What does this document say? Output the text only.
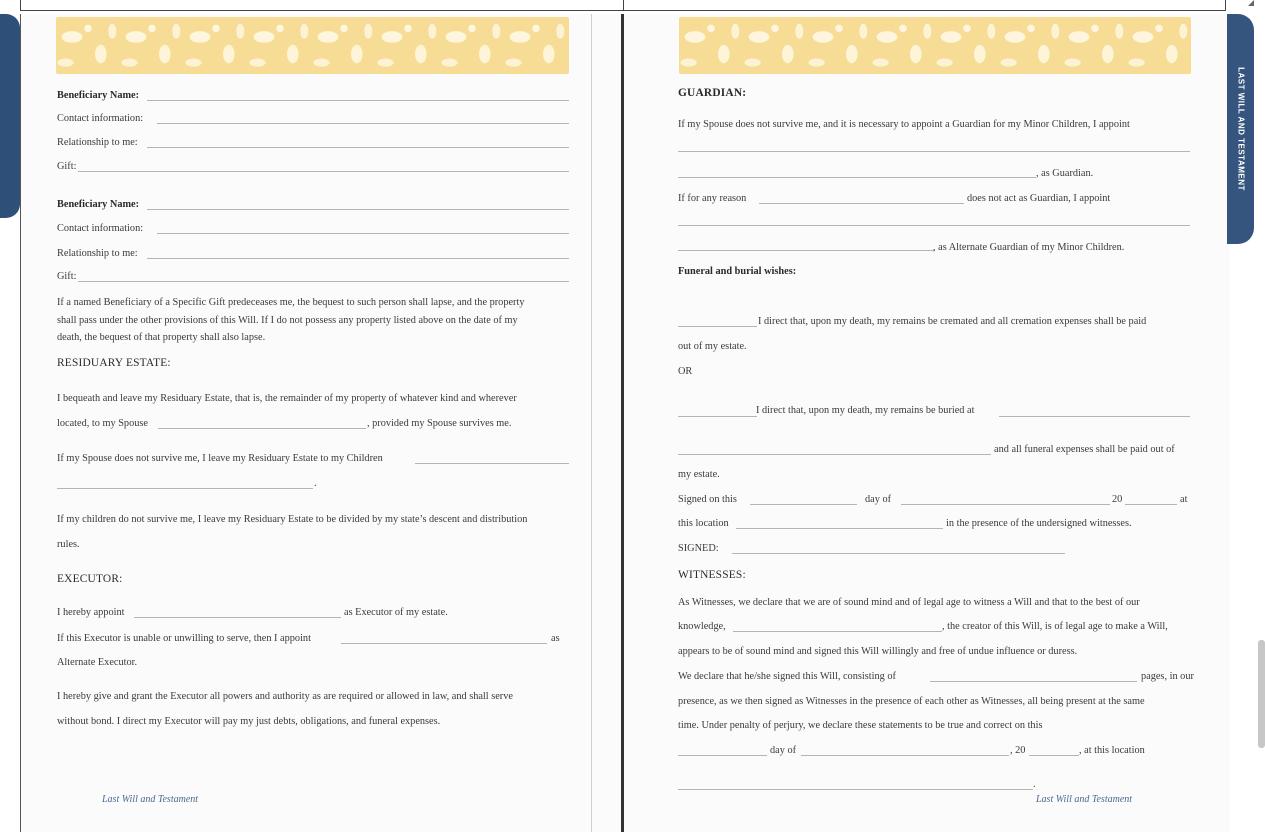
Beneficiary Name:
Contact information:
Relationship to me:
Gift:
Beneficiary Name:
Contact information:
Relationship to me:
Gift:
If a named Beneficiary of a Specific Gift predeceases me, the bequest to such person shall lapse, and the property
shall pass under the other provisions of this Will. If I do not possess any property listed above on the date of my
death, the bequest of that property shall also lapse.
RESIDUARY ESTATE:
I bequeath and leave my Residuary Estate, that is, the remainder of my property of whatever kind and wherever
located, to my Spouse	, provided my Spouse survives me.
If my Spouse does not survive me, I leave my Residuary Estate to my Children
.
If my children do not survive me, I leave my Residuary Estate to be divided by my state’s descent and distribution
rules.
EXECUTOR:
I hereby appoint	as Executor of my estate.
If this Executor is unable or unwilling to serve, then I appoint	as
Alternate Executor.
I hereby give and grant the Executor all powers and authority as are required or allowed in law, and shall serve
without bond. I direct my Executor will pay my just debts, obligations, and funeral expenses.
Last Will and Testament
GUARDIAN:
If my Spouse does not survive me, and it is necessary to appoint a Guardian for my Minor Children, I appoint
, as Guardian.
If for any reason	does not act as Guardian, I appoint
, as Alternate Guardian of my Minor Children.
Funeral and burial wishes:
I direct that, upon my death, my remains be cremated and all cremation expenses shall be paid
out of my estate.
OR
I direct that, upon my death, my remains be buried at
and all funeral expenses shall be paid out of
my estate.
Signed on this	day of	20	at
this location	in the presence of the undersigned witnesses.
SIGNED:
WITNESSES:
As Witnesses, we declare that we are of sound mind and of legal age to witness a Will and that to the best of our
knowledge,	, the creator of this Will, is of legal age to make a Will,
appears to be of sound mind and signed this Will willingly and free of undue influence or duress.
We declare that he/she signed this Will, consisting of	pages, in our
presence, as we then signed as Witnesses in the presence of each other as Witnesses, all being present at the same
time. Under penalty of perjury, we declare these statements to be true and correct on this
day of	, 20	, at this location
.
Last Will and Testament
LAST WILL AND TESTAMENT
